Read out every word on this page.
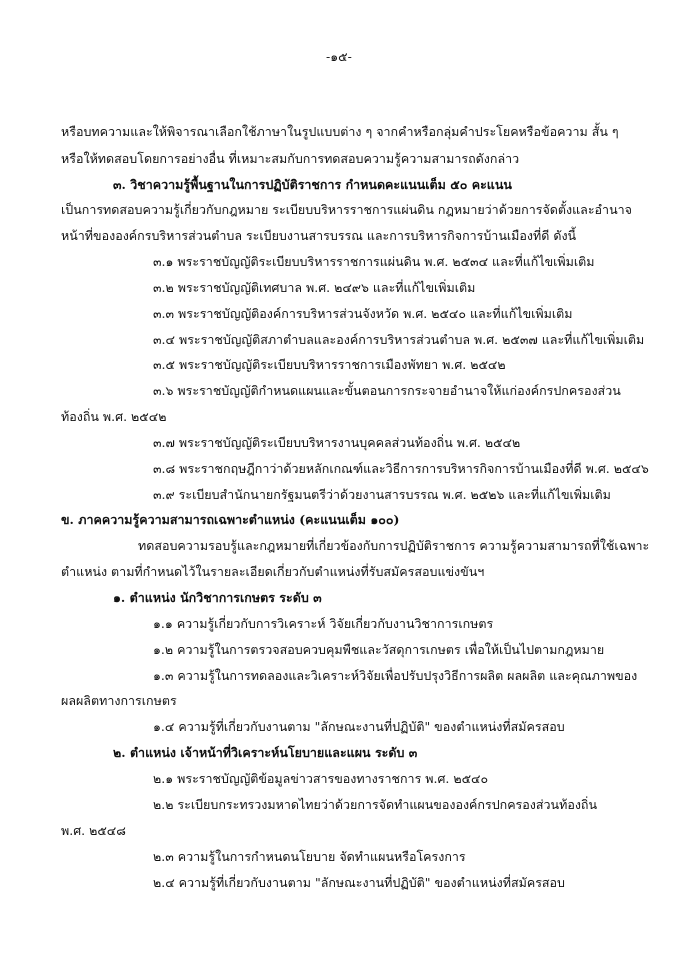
-๑๕-
หรือบทความและให้พิจารณาเลือกใช้ภาษาในรูปแบบต่าง ๆ จากคำหรือกลุ่มคำประโยคหรือข้อความ สั้น ๆ
หรือให้ทดสอบโดยการอย่างอื่น ที่เหมาะสมกับการทดสอบความรู้ความสามารถดังกล่าว
๓. วิชาความรู้พื้นฐานในการปฏิบัติราชการ กำหนดคะแนนเต็ม ๕๐ คะแนน
เป็นการทดสอบความรู้เกี่ยวกับกฎหมาย ระเบียบบริหารราชการแผ่นดิน กฎหมายว่าด้วยการจัดตั้งและอำนาจ
หน้าที่ขององค์กรบริหารส่วนตำบล ระเบียบงานสารบรรณ และการบริหารกิจการบ้านเมืองที่ดี ดังนี้
๓.๑ พระราชบัญญัติระเบียบบริหารราชการแผ่นดิน พ.ศ. ๒๕๓๔ และที่แก้ไขเพิ่มเติม
๓.๒ พระราชบัญญัติเทศบาล พ.ศ. ๒๔๙๖ และที่แก้ไขเพิ่มเติม
๓.๓ พระราชบัญญัติองค์การบริหารส่วนจังหวัด พ.ศ. ๒๕๔๐ และที่แก้ไขเพิ่มเติม
๓.๔ พระราชบัญญัติสภาตำบลและองค์การบริหารส่วนตำบล พ.ศ. ๒๕๓๗ และที่แก้ไขเพิ่มเติม
๓.๕ พระราชบัญญัติระเบียบบริหารราชการเมืองพัทยา พ.ศ. ๒๕๔๒
๓.๖ พระราชบัญญัติกำหนดแผนและขั้นตอนการกระจายอำนาจให้แก่องค์กรปกครองส่วน
ท้องถิ่น พ.ศ. ๒๕๔๒
๓.๗ พระราชบัญญัติระเบียบบริหารงานบุคคลส่วนท้องถิ่น พ.ศ. ๒๕๔๒
๓.๘ พระราชกฤษฎีกาว่าด้วยหลักเกณฑ์และวิธีการการบริหารกิจการบ้านเมืองที่ดี พ.ศ. ๒๕๔๖
๓.๙ ระเบียบสำนักนายกรัฐมนตรีว่าด้วยงานสารบรรณ พ.ศ. ๒๕๒๖ และที่แก้ไขเพิ่มเติม
ข. ภาคความรู้ความสามารถเฉพาะตำแหน่ง (คะแนนเต็ม ๑๐๐)
ทดสอบความรอบรู้และกฎหมายที่เกี่ยวข้องกับการปฏิบัติราชการ ความรู้ความสามารถที่ใช้เฉพาะ
ตำแหน่ง ตามที่กำหนดไว้ในรายละเอียดเกี่ยวกับตำแหน่งที่รับสมัครสอบแข่งขันฯ
๑. ตำแหน่ง นักวิชาการเกษตร ระดับ ๓
๑.๑ ความรู้เกี่ยวกับการวิเคราะห์ วิจัยเกี่ยวกับงานวิชาการเกษตร
๑.๒ ความรู้ในการตรวจสอบควบคุมพืชและวัสดุการเกษตร เพื่อให้เป็นไปตามกฎหมาย
๑.๓ ความรู้ในการทดลองและวิเคราะห์วิจัยเพื่อปรับปรุงวิธีการผลิต ผลผลิต และคุณภาพของ
ผลผลิตทางการเกษตร
๑.๔ ความรู้ที่เกี่ยวกับงานตาม "ลักษณะงานที่ปฏิบัติ" ของตำแหน่งที่สมัครสอบ
๒. ตำแหน่ง เจ้าหน้าที่วิเคราะห์นโยบายและแผน ระดับ ๓
๒.๑ พระราชบัญญัติข้อมูลข่าวสารของทางราชการ พ.ศ. ๒๕๔๐
๒.๒ ระเบียบกระทรวงมหาดไทยว่าด้วยการจัดทำแผนขององค์กรปกครองส่วนท้องถิ่น
พ.ศ. ๒๕๔๘
๒.๓ ความรู้ในการกำหนดนโยบาย จัดทำแผนหรือโครงการ
๒.๔ ความรู้ที่เกี่ยวกับงานตาม "ลักษณะงานที่ปฏิบัติ" ของตำแหน่งที่สมัครสอบ
